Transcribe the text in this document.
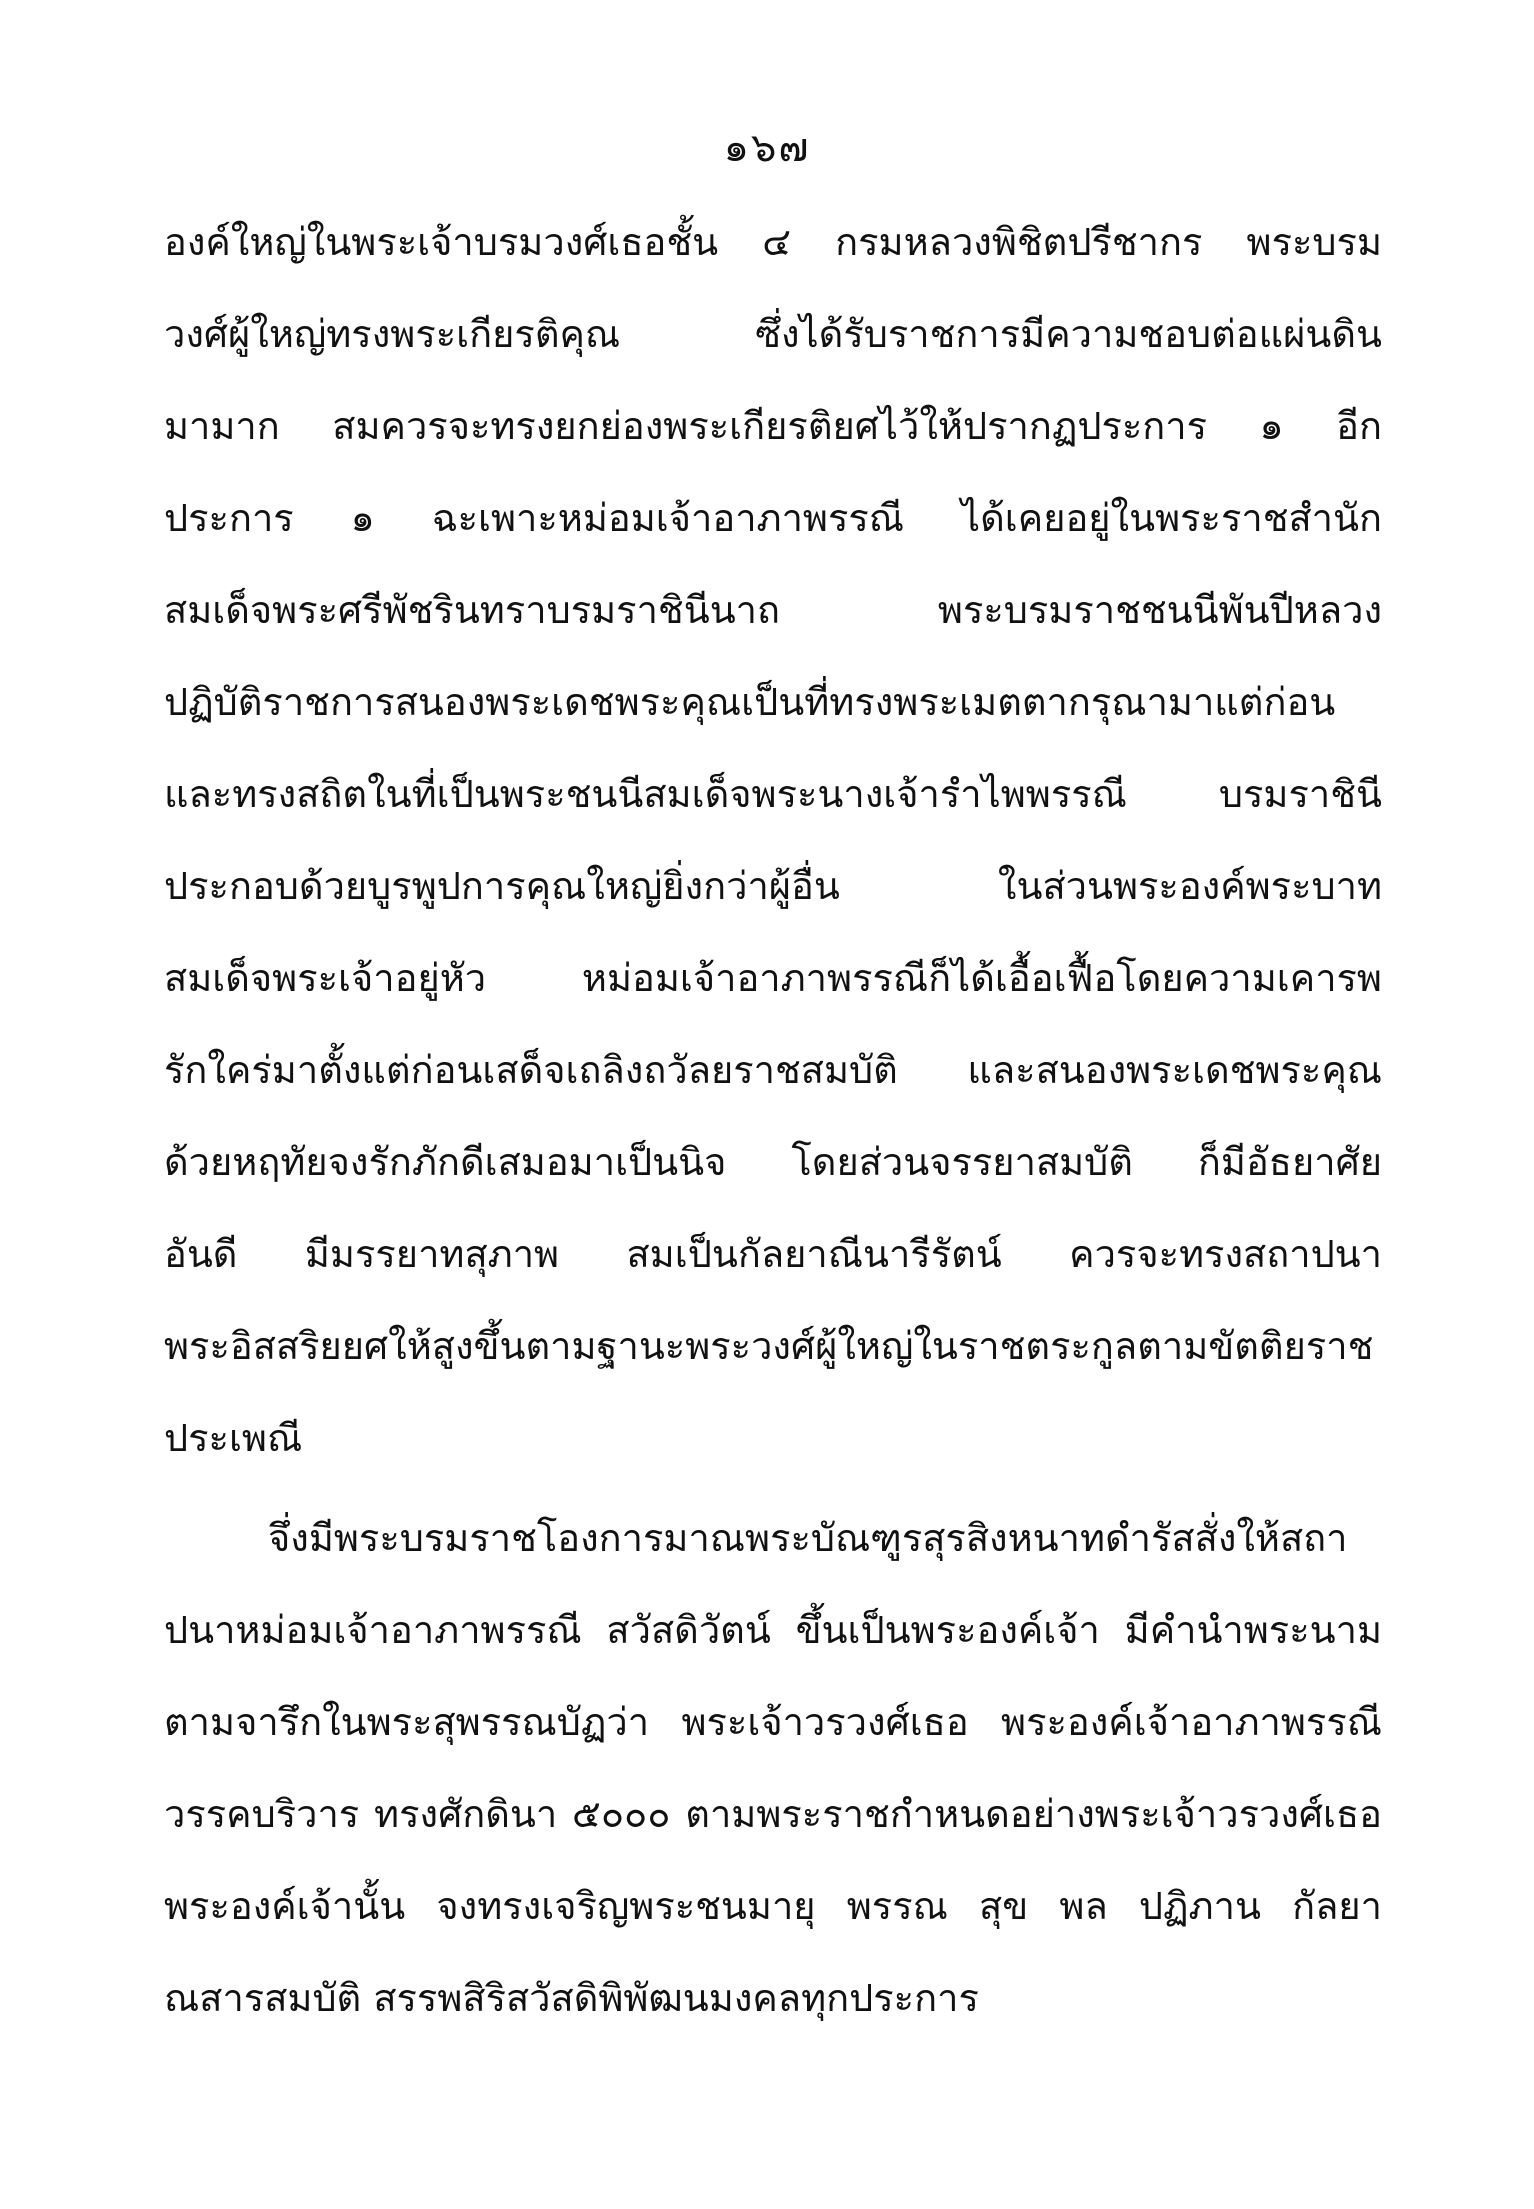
๑๖๗
องค์ใหญ่ในพระเจ้าบรมวงศ์เธอชั้น ๔ กรมหลวงพิชิตปรีชากร พระบรม
วงศ์ผู้ใหญ่ทรงพระเกียรติคุณ ซึ่งได้รับราชการมีความชอบต่อแผ่นดิน
มามาก สมควรจะทรงยกย่องพระเกียรติยศไว้ให้ปรากฏประการ ๑ อีก
ประการ ๑ ฉะเพาะหม่อมเจ้าอาภาพรรณี ได้เคยอยู่ในพระราชสำนัก
สมเด็จพระศรีพัชรินทราบรมราชินีนาถ พระบรมราชชนนีพันปีหลวง
ปฏิบัติราชการสนองพระเดชพระคุณเป็นที่ทรงพระเมตตากรุณามาแต่ก่อน
และทรงสถิตในที่เป็นพระชนนีสมเด็จพระนางเจ้ารำไพพรรณี บรมราชินี
ประกอบด้วยบูรพูปการคุณใหญ่ยิ่งกว่าผู้อื่น ในส่วนพระองค์พระบาท
สมเด็จพระเจ้าอยู่หัว หม่อมเจ้าอาภาพรรณีก็ได้เอื้อเฟื้อโดยความเคารพ
รักใคร่มาตั้งแต่ก่อนเสด็จเถลิงถวัลยราชสมบัติ และสนองพระเดชพระคุณ
ด้วยหฤทัยจงรักภักดีเสมอมาเป็นนิจ โดยส่วนจรรยาสมบัติ ก็มีอัธยาศัย
อันดี มีมรรยาทสุภาพ สมเป็นกัลยาณีนารีรัตน์ ควรจะทรงสถาปนา
พระอิสสริยยศให้สูงขึ้นตามฐานะพระวงศ์ผู้ใหญ่ในราชตระกูลตามขัตติยราช
ประเพณี
จึ่งมีพระบรมราชโองการมาณพระบัณฑูรสุรสิงหนาทดำรัสสั่งให้สถา
ปนาหม่อมเจ้าอาภาพรรณี สวัสดิวัตน์ ขึ้นเป็นพระองค์เจ้า มีคำนำพระนาม
ตามจารึกในพระสุพรรณบัฏว่า พระเจ้าวรวงศ์เธอ พระองค์เจ้าอาภาพรรณี
วรรคบริวาร ทรงศักดินา ๕๐๐๐ ตามพระราชกำหนดอย่างพระเจ้าวรวงศ์เธอ
พระองค์เจ้านั้น จงทรงเจริญพระชนมายุ พรรณ สุข พล ปฏิภาน กัลยา
ณสารสมบัติ สรรพสิริสวัสดิพิพัฒนมงคลทุกประการ
